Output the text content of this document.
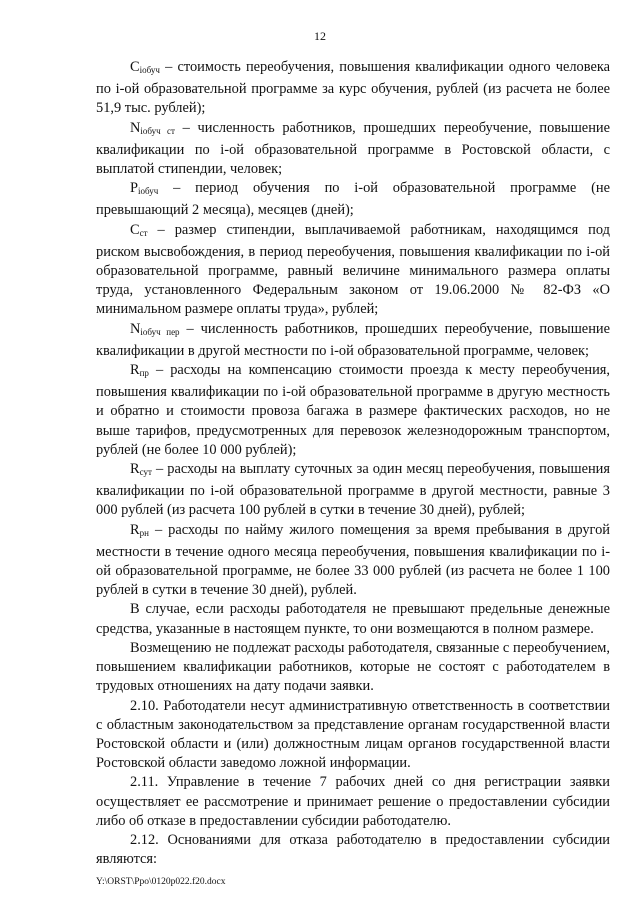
12

$C_{iобуч}$ – стоимость переобучения, повышения квалификации одного человека по i-ой образовательной программе за курс обучения, рублей (из расчета не более 51,9 тыс. рублей);

$N_{iобуч ст}$ – численность работников, прошедших переобучение, повышение квалификации по i-ой образовательной программе в Ростовской области, с выплатой стипендии, человек;

$P_{iобуч}$ – период обучения по i-ой образовательной программе (не превышающий 2 месяца), месяцев (дней);

$C_{ст}$ – размер стипендии, выплачиваемой работникам, находящимся под риском высвобождения, в период переобучения, повышения квалификации по i-ой образовательной программе, равный величине минимального размера оплаты труда, установленного Федеральным законом от 19.06.2000 № 82-ФЗ «О минимальном размере оплаты труда», рублей;

$N_{iобуч пер}$ – численность работников, прошедших переобучение, повышение квалификации в другой местности по i-ой образовательной программе, человек;

$R_{пр}$ – расходы на компенсацию стоимости проезда к месту переобучения, повышения квалификации по i-ой образовательной программе в другую местность и обратно и стоимости провоза багажа в размере фактических расходов, но не выше тарифов, предусмотренных для перевозок железнодорожным транспортом, рублей (не более 10 000 рублей);

$R_{сут}$ – расходы на выплату суточных за один месяц переобучения, повышения квалификации по i-ой образовательной программе в другой местности, равные 3 000 рублей (из расчета 100 рублей в сутки в течение 30 дней), рублей;

$R_{рн}$ – расходы по найму жилого помещения за время пребывания в другой местности в течение одного месяца переобучения, повышения квалификации по i-ой образовательной программе, не более 33 000 рублей (из расчета не более 1 100 рублей в сутки в течение 30 дней), рублей.

В случае, если расходы работодателя не превышают предельные денежные средства, указанные в настоящем пункте, то они возмещаются в полном размере.

Возмещению не подлежат расходы работодателя, связанные с переобучением, повышением квалификации работников, которые не состоят с работодателем в трудовых отношениях на дату подачи заявки.

2.10. Работодатели несут административную ответственность в соответствии с областным законодательством за представление органам государственной власти Ростовской области и (или) должностным лицам органов государственной власти Ростовской области заведомо ложной информации.

2.11. Управление в течение 7 рабочих дней со дня регистрации заявки осуществляет ее рассмотрение и принимает решение о предоставлении субсидии либо об отказе в предоставлении субсидии работодателю.

2.12. Основаниями для отказа работодателю в предоставлении субсидии являются:

Y:\ORST\Ppo\0120p022.f20.docx
